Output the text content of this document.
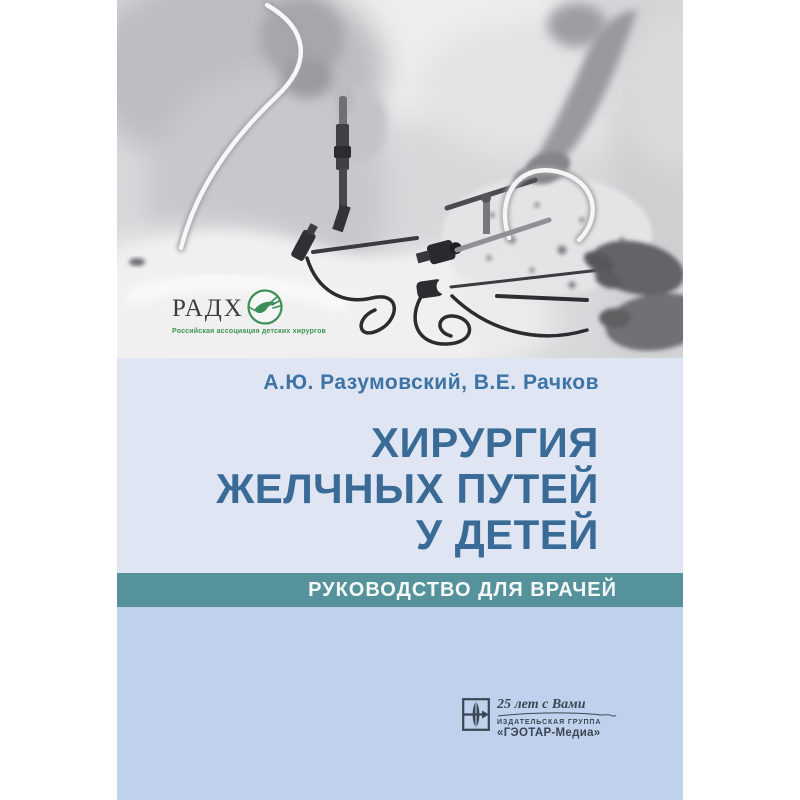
РАДХ
Российская ассоциация детских хирургов
А.Ю. Разумовский, В.Е. Рачков
ХИРУРГИЯ
ЖЕЛЧНЫХ ПУТЕЙ
У ДЕТЕЙ
РУКОВОДСТВО ДЛЯ ВРАЧЕЙ
25 лет с Вами
ИЗДАТЕЛЬСКАЯ ГРУППА
«ГЭОТАР-Медиа»
